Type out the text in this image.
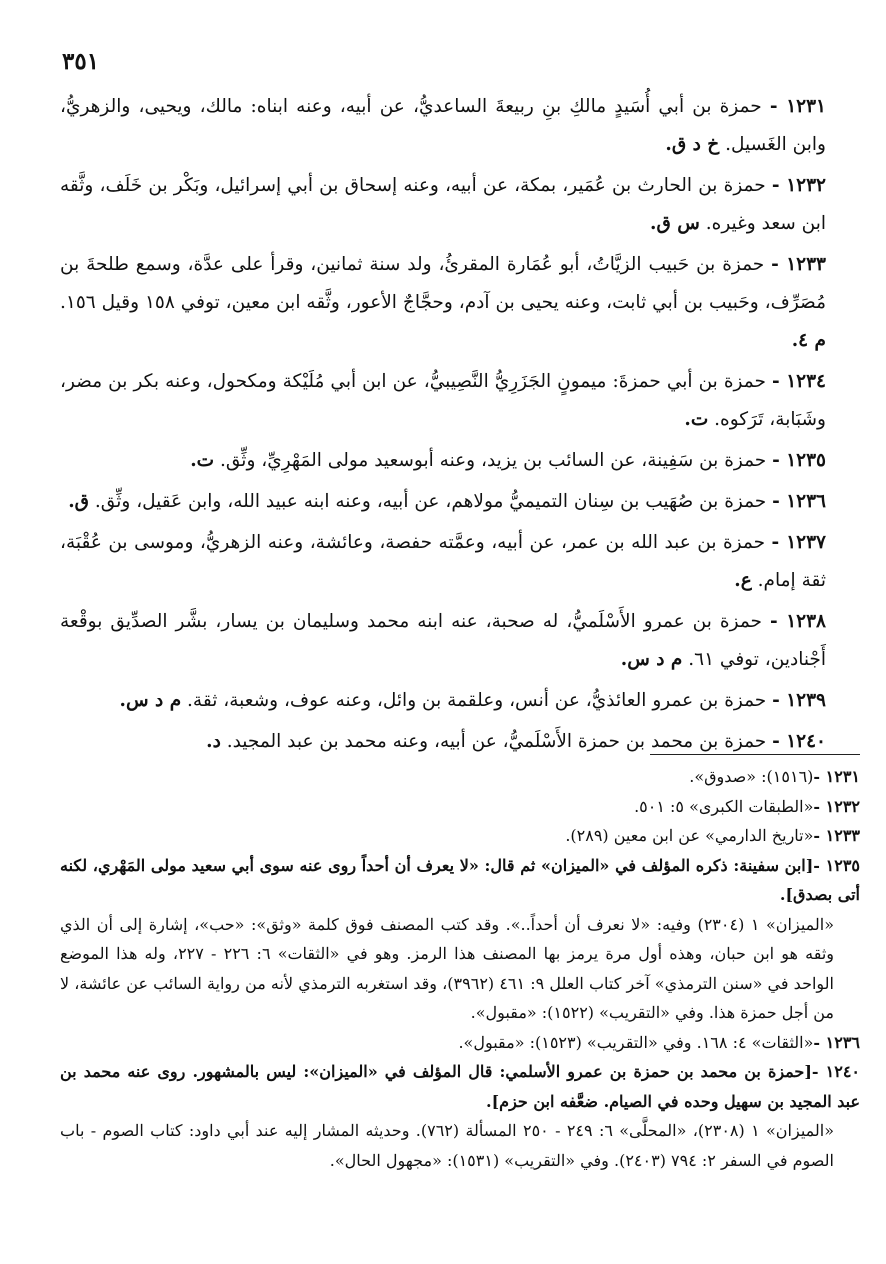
٣٥١

١٢٣١ - حمزة بن أبي أُسَيدٍ مالكِ بنِ ربيعةَ الساعديُّ، عن أبيه، وعنه ابناه: مالك، ويحيى، والزهريُّ، وابن الغَسيل. خ د ق.

١٢٣٢ - حمزة بن الحارث بن عُمَير، بمكة، عن أبيه، وعنه إسحاق بن أبي إسرائيل، وبَكْر بن خَلَف، وثَّقه ابن سعد وغيره. س ق.

١٢٣٣ - حمزة بن حَبيب الزيَّاتُ، أبو عُمَارة المقرئُ، ولد سنة ثمانين، وقرأ على عدَّة، وسمع طلحةَ بن مُصَرِّف، وحَبيب بن أبي ثابت، وعنه يحيى بن آدم، وحجَّاجٌ الأعور، وثَّقه ابن معين، توفي ١٥٨ وقيل ١٥٦. م ٤.

١٢٣٤ - حمزة بن أبي حمزةَ: ميمونٍ الجَزَرِيُّ النَّصِيبيُّ، عن ابن أبي مُلَيْكة ومكحول، وعنه بكر بن مضر، وشَبَابة، تَرَكوه. ت.

١٢٣٥ - حمزة بن سَفِينة، عن السائب بن يزيد، وعنه أبوسعيد مولى المَهْرِيِّ، وثِّق. ت.

١٢٣٦ - حمزة بن صُهَيب بن سِنان التميميُّ مولاهم، عن أبيه، وعنه ابنه عبيد الله، وابن عَقيل، وثِّق. ق.

١٢٣٧ - حمزة بن عبد الله بن عمر، عن أبيه، وعمَّته حفصة، وعائشة، وعنه الزهريُّ، وموسى بن عُقْبَة، ثقة إمام. ع.

١٢٣٨ - حمزة بن عمرو الأَسْلَميُّ، له صحبة، عنه ابنه محمد وسليمان بن يسار، بشَّر الصدِّيق بوقْعة أَجْنادين، توفي ٦١. م د س.

١٢٣٩ - حمزة بن عمرو العائذيُّ، عن أنس، وعلقمة بن وائل، وعنه عوف، وشعبة، ثقة. م د س.

١٢٤٠ - حمزة بن محمد بن حمزة الأَسْلَميُّ، عن أبيه، وعنه محمد بن عبد المجيد. د.

١٢٣١ -(١٥١٦): «صدوق».

١٢٣٢ -«الطبقات الكبرى» ٥: ٥٠١.

١٢٣٣ -«تاريخ الدارمي» عن ابن معين (٢٨٩).

١٢٣٥ -[ابن سفينة: ذكره المؤلف في «الميزان» ثم قال: «لا يعرف أن أحداً روى عنه سوى أبي سعيد مولى المَهْري، لكنه أتى بصدق].

«الميزان» ١ (٢٣٠٤) وفيه: «لا نعرف أن أحداً..». وقد كتب المصنف فوق كلمة «وثق»: «حب»، إشارة إلى أن الذي وثقه هو ابن حبان، وهذه أول مرة يرمز بها المصنف هذا الرمز. وهو في «الثقات» ٦: ٢٢٦ - ٢٢٧، وله هذا الموضع الواحد في «سنن الترمذي» آخر كتاب العلل ٩: ٤٦١ (٣٩٦٢)، وقد استغربه الترمذي لأنه من رواية السائب عن عائشة، لا من أجل حمزة هذا. وفي «التقريب» (١٥٢٢): «مقبول».

١٢٣٦ -«الثقات» ٤: ١٦٨. وفي «التقريب» (١٥٢٣): «مقبول».

١٢٤٠ -[حمزة بن محمد بن حمزة بن عمرو الأسلمي: قال المؤلف في «الميزان»: ليس بالمشهور. روى عنه محمد بن عبد المجيد بن سهيل وحده في الصيام. ضعَّفه ابن حزم].

«الميزان» ١ (٢٣٠٨)، «المحلَّى» ٦: ٢٤٩ - ٢٥٠ المسألة (٧٦٢). وحديثه المشار إليه عند أبي داود: كتاب الصوم - باب الصوم في السفر ٢: ٧٩٤ (٢٤٠٣). وفي «التقريب» (١٥٣١): «مجهول الحال».
